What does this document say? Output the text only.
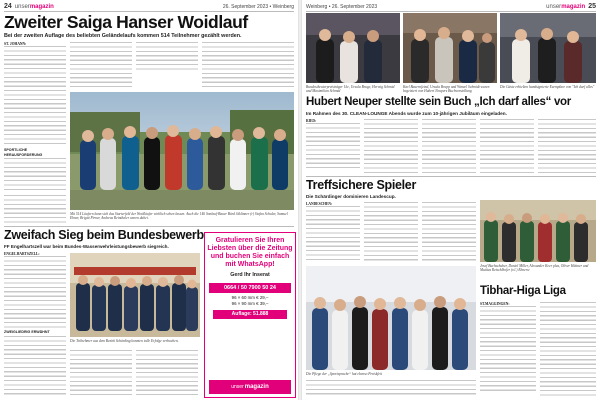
24 unsermagazin	26. September 2023 • Weinberg
Zweiter Saiga Hanser Woidlauf

Bei der zweiten Auflage des beliebten Geländelaufs kommen 514 Teilnehmer gezählt werden.

ST. JOHANN:
SPORTLICHE HERAUSFORDERUNG
Mit 514 Läufern kann sich das Starterfeld der Woidläufer wirklich sehen lassen. Auch die 146 Sonlauf-Bauer Bärd Jäklinner (r) Stefan Schuler, Samuel Ebner, Brigitt Pirner, Andreas Reinthaler waren dabei.
Zweifach Sieg beim Bundesbewerb

FF Engelhartszell war beim Bundes-Wasserwehrleistungsbewerb siegreich.

ENGELHARTSZELL:
ZWEIGLIEDRIG ERWÄHNT
Die Teilnehmer aus dem Bezirk Schärding konnten tolle Erfolge verbuchen.
Gratulieren Sie Ihren Liebsten über die Zeitung und buchen Sie einfach mit WhatsApp!
Gerd Ihr Inserat
0664 / 50 7900 50 24
96 × 60 mm € 29,–
96 × 90 mm € 39,–
Auflage: 51.888
unser magazin
Weinberg • 26. September 2023	unsermagazin 25
Bundestheaterpreisträger Ute, Ursula Bruge, Herwig Schmid und Maximilian Schmid
Karl Bauernfeind, Ursula Brupp und Wenzel Schmidt waren begeistert von Hubert Neupers Buchvorstellung
Die Gäste erhielten handsignierte Exemplare von "Ich darf alles"
Hubert Neuper stellte sein Buch „Ich darf alles“ vor

Im Rahmen des 30. CLEAN-LOUNGE Abends wurde zum 10-jährigen Jubiläum eingeladen.

RIED:
Treffsichere Spieler

Die Schärdinger dominieren Landescup.

LANDESCHEN:
Josef Buchschuber, Daniel Miller, Alexander Keer plus, Oliver Hüttner und Mattias Reischlhofer (v.l.) Ebnerw
Die Pfiege der „Sportsprache“ hat ebenso Preiskfeit
Tibhar-Higa Liga
ST.MAGGINGEN:
